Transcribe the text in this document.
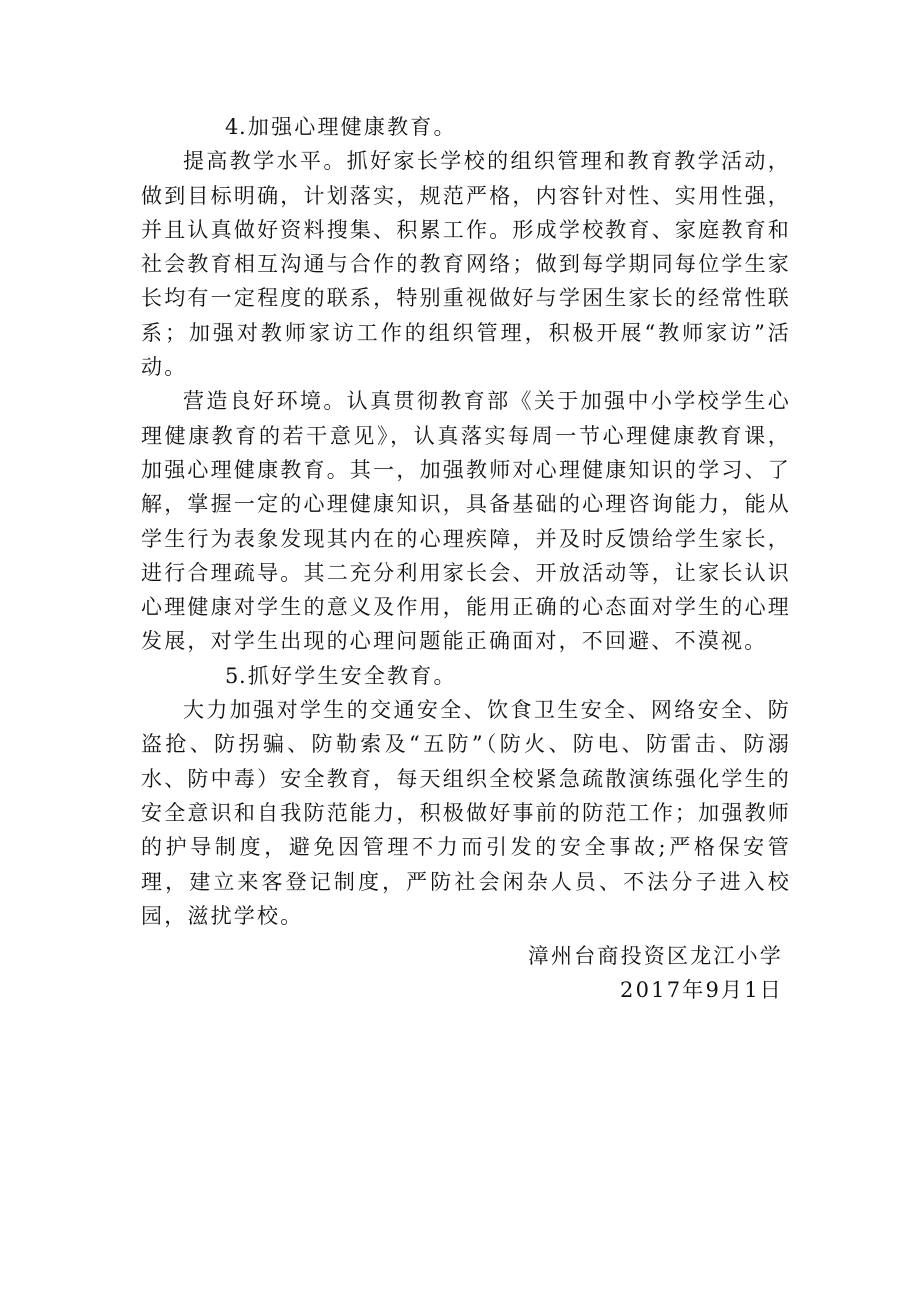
4.加强心理健康教育。

提高教学水平。抓好家长学校的组织管理和教育教学活动，做到目标明确，计划落实，规范严格，内容针对性、实用性强，并且认真做好资料搜集、积累工作。形成学校教育、家庭教育和社会教育相互沟通与合作的教育网络；做到每学期同每位学生家长均有一定程度的联系，特别重视做好与学困生家长的经常性联系；加强对教师家访工作的组织管理，积极开展“教师家访”活动。

营造良好环境。认真贯彻教育部《关于加强中小学校学生心理健康教育的若干意见》，认真落实每周一节心理健康教育课，加强心理健康教育。其一，加强教师对心理健康知识的学习、了解，掌握一定的心理健康知识，具备基础的心理咨询能力，能从学生行为表象发现其内在的心理疾障，并及时反馈给学生家长，进行合理疏导。其二充分利用家长会、开放活动等，让家长认识心理健康对学生的意义及作用，能用正确的心态面对学生的心理发展，对学生出现的心理问题能正确面对，不回避、不漠视。

5.抓好学生安全教育。

大力加强对学生的交通安全、饮食卫生安全、网络安全、防盗抢、防拐骗、防勒索及“五防”（防火、防电、防雷击、防溺水、防中毒）安全教育，每天组织全校紧急疏散演练强化学生的安全意识和自我防范能力，积极做好事前的防范工作；加强教师的护导制度，避免因管理不力而引发的安全事故;严格保安管理，建立来客登记制度，严防社会闲杂人员、不法分子进入校园，滋扰学校。

漳州台商投资区龙江小学

2017年9月1日
